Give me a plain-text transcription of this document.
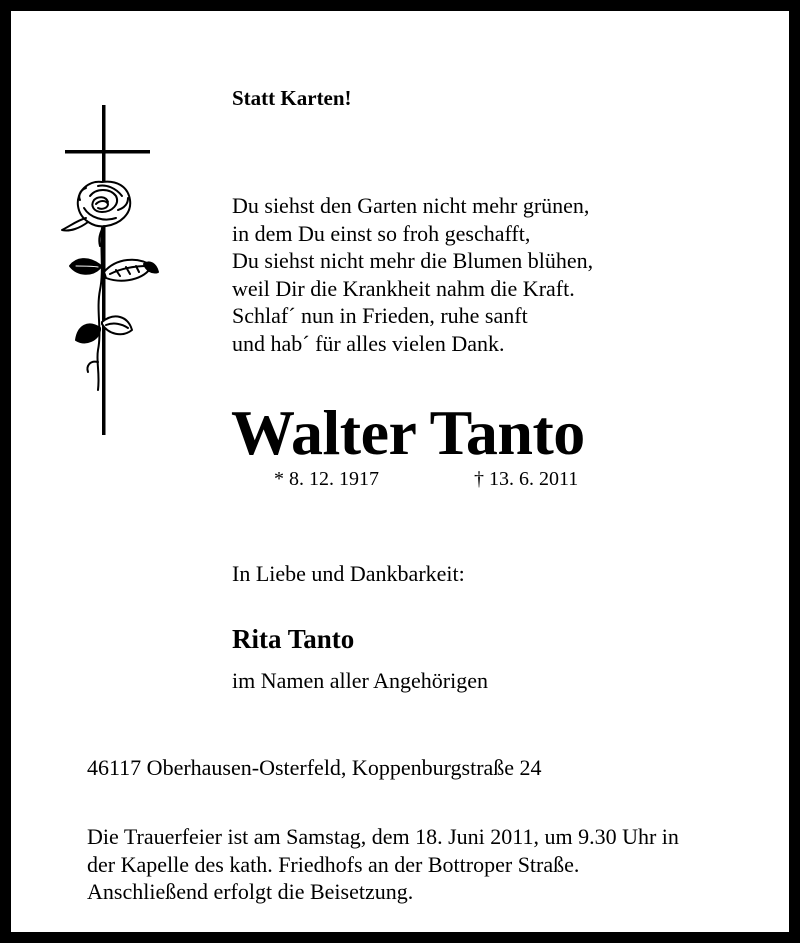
Statt Karten!
Du siehst den Garten nicht mehr grünen,
in dem Du einst so froh geschafft,
Du siehst nicht mehr die Blumen blühen,
weil Dir die Krankheit nahm die Kraft.
Schlaf´ nun in Frieden, ruhe sanft
und hab´ für alles vielen Dank.
Walter Tanto
* 8. 12. 1917	† 13. 6. 2011
In Liebe und Dankbarkeit:
Rita Tanto
im Namen aller Angehörigen
46117 Oberhausen-Osterfeld, Koppenburgstraße 24
Die Trauerfeier ist am Samstag, dem 18. Juni 2011, um 9.30 Uhr in
der Kapelle des kath. Friedhofs an der Bottroper Straße.
Anschließend erfolgt die Beisetzung.
